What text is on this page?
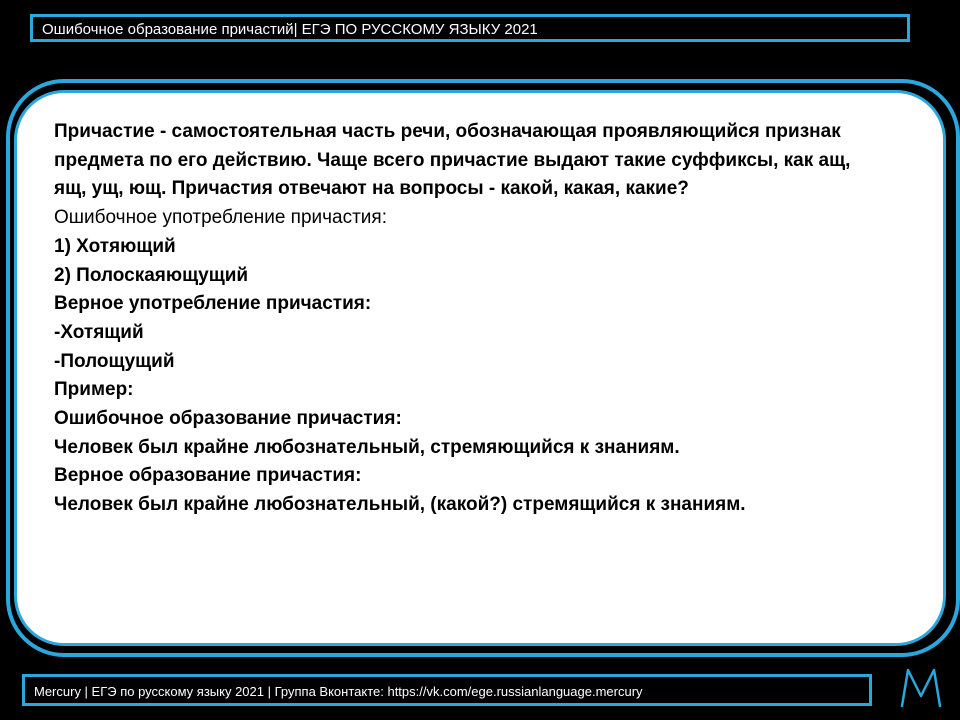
Ошибочное образование причастий| ЕГЭ ПО РУССКОМУ ЯЗЫКУ 2021
Причастие - самостоятельная часть речи, обозначающая проявляющийся признак
предмета по его действию. Чаще всего причастие выдают такие суффиксы, как ащ,
ящ, ущ, ющ. Причастия отвечают на вопросы - какой, какая, какие?
Ошибочное употребление причастия:
1) Хотяющий
2) Полоскаяющущий
Верное употребление причастия:
-Хотящий
-Полощущий
Пример:
Ошибочное образование причастия:
Человек был крайне любознательный, стремяющийся к знаниям.
Верное образование причастия:
Человек был крайне любознательный, (какой?) стремящийся к знаниям.
Mercury | ЕГЭ по русскому языку 2021 | Группа Вконтакте: https://vk.com/ege.russianlanguage.mercury
